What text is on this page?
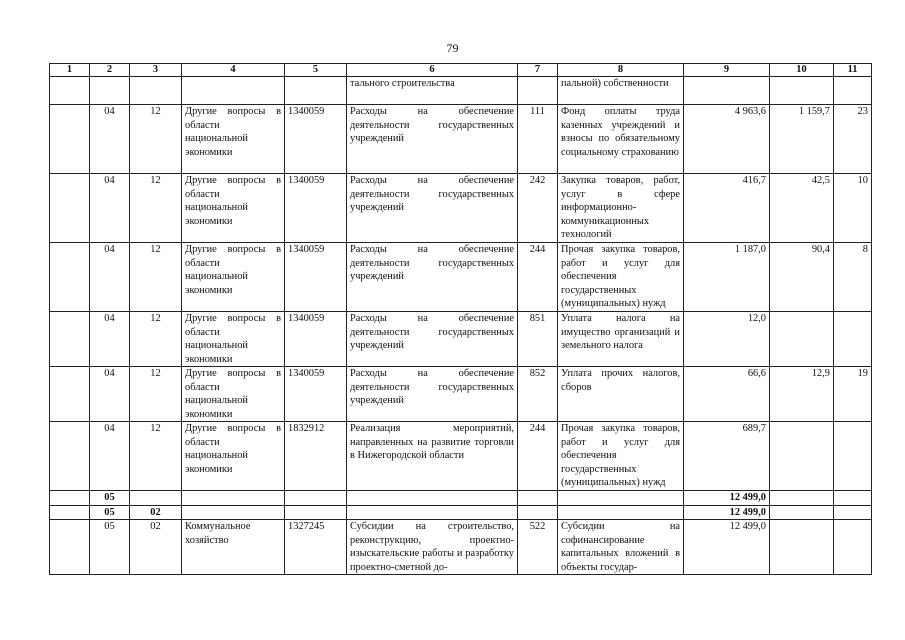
79
1	2	3	4	5	6	7	8	9	10	11
					тального строительства		пальной) собственности			
	04	12	Другие вопросы в области национальной экономики	1340059	Расходы на обеспечение деятельности государственных учреждений	111	Фонд оплаты труда казенных учреждений и взносы по обязательному социальному страхованию	4 963,6	1 159,7	23
	04	12	Другие вопросы в области национальной экономики	1340059	Расходы на обеспечение деятельности государственных учреждений	242	Закупка товаров, работ, услуг в сфере информационно-коммуникационных технологий	416,7	42,5	10
	04	12	Другие вопросы в области национальной экономики	1340059	Расходы на обеспечение деятельности государственных учреждений	244	Прочая закупка товаров, работ и услуг для обеспечения государственных (муниципальных) нужд	1 187,0	90,4	8
	04	12	Другие вопросы в области национальной экономики	1340059	Расходы на обеспечение деятельности государственных учреждений	851	Уплата налога на имущество организаций и земельного налога	12,0		
	04	12	Другие вопросы в области национальной экономики	1340059	Расходы на обеспечение деятельности государственных учреждений	852	Уплата прочих налогов, сборов	66,6	12,9	19
	04	12	Другие вопросы в области национальной экономики	1832912	Реализация мероприятий, направленных на развитие торговли в Нижегородской области	244	Прочая закупка товаров, работ и услуг для обеспечения государственных (муниципальных) нужд	689,7		
	05							12 499,0		
	05	02						12 499,0		
	05	02	Коммунальное хозяйство	1327245	Субсидии на строительство, реконструкцию, проектно-изыскательские работы и разработку проектно-сметной до-	522	Субсидии на софинансирование капитальных вложений в объекты государ-	12 499,0		
